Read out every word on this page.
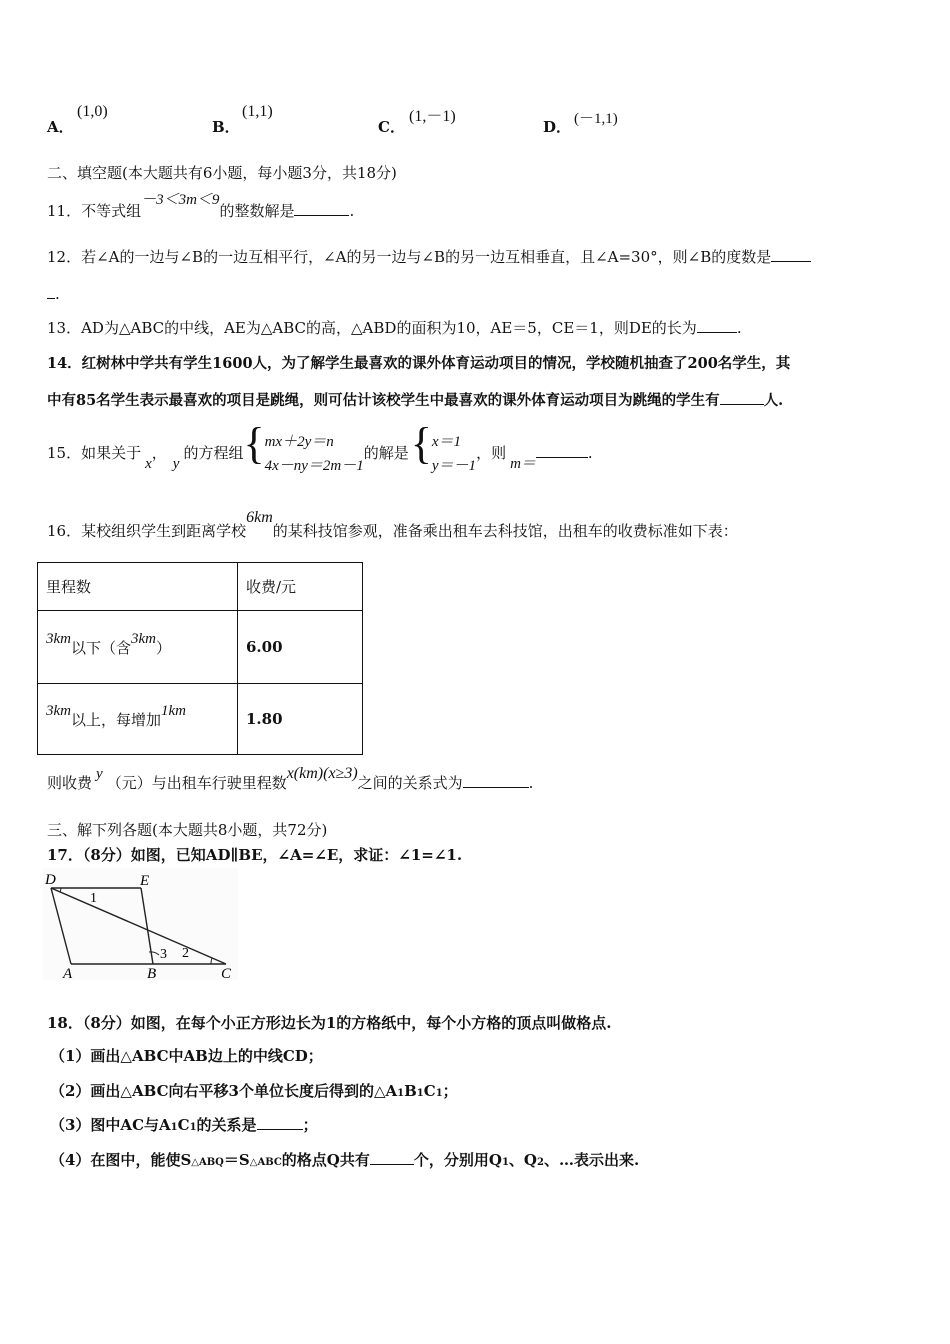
A．
(1,0)
B．
(1,1)
C．
(1,－1)
D． (－1,1)
二、填空题(本大题共有6小题，每小题3分，共18分)
11．不等式组－3＜3m＜9的整数解是	.
12．若∠A的一边与∠B的一边互相平行，∠A的另一边与∠B的另一边互相垂直，且∠A=30°，则∠B的度数是
.
13．AD为△ABC的中线，AE为△ABC的高，△ABD的面积为10，AE＝5，CE＝1，则DE的长为	.
14．红树林中学共有学生1600人，为了解学生最喜欢的课外体育运动项目的情况，学校随机抽查了200名学生，其
中有85名学生表示最喜欢的项目是跳绳，则可估计该校学生中最喜欢的课外体育运动项目为跳绳的学生有	人.
15．如果关于x，y的方程组{ mx＋2y＝n
4x－ny＝2m－1
的解是{ x＝1
y＝－1
，则m＝.
16．某校组织学生到距离学校6km的某科技馆参观，准备乘出租车去科技馆，出租车的收费标准如下表：
里程数	收费/元
3km以下（含3km）	6.00
3km以上，每增加1km	1.80
则收费 y （元）与出租车行驶里程数x(km)(x≥3)之间的关系式为	.
三、解下列各题(本大题共8小题，共72分)
17．（8分）如图，已知AD∥BE，∠A=∠E，求证：∠1=∠1.
D	E
1
3 2
A	B	C
18．（8分）如图，在每个小正方形边长为1的方格纸中，每个小方格的顶点叫做格点.
（1）画出△ABC中AB边上的中线CD；
（2）画出△ABC向右平移3个单位长度后得到的△A1B1C1；
（3）图中AC与A1C1的关系是	；
（4）在图中，能使S△ABQ＝S△ABC的格点Q共有	个，分别用Q1、Q2、…表示出来.
